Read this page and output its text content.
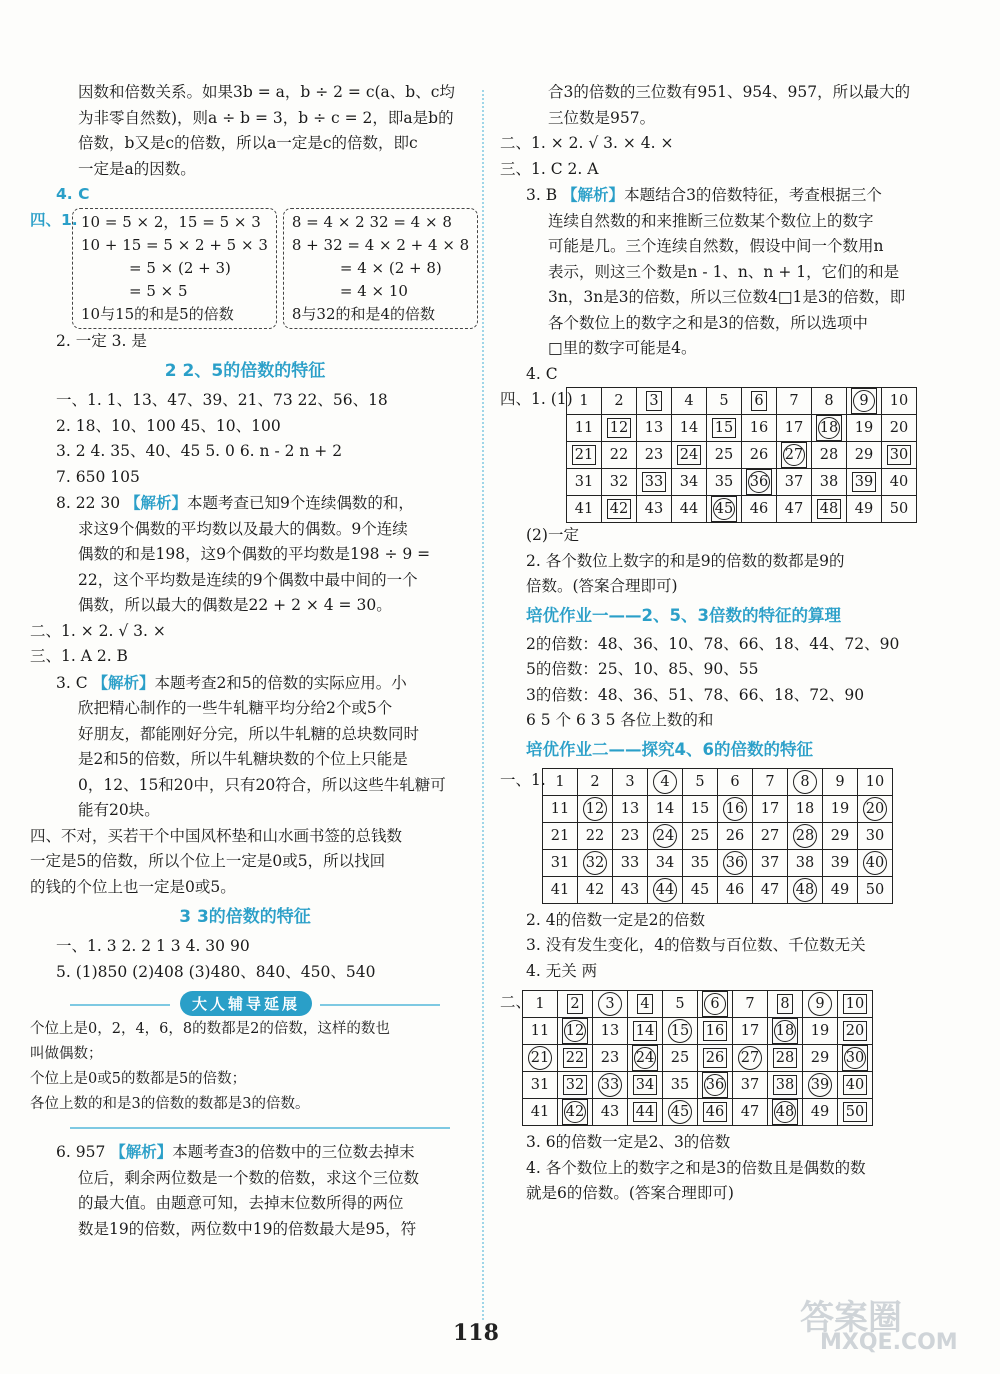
因数和倍数关系。如果3b = a，b ÷ 2 = c(a、b、c均

为非零自然数)，则a ÷ b = 3，b ÷ c = 2，即a是b的

倍数，b又是c的倍数，所以a一定是c的倍数，即c

一定是a的因数。

4. C

四、1. 10 = 5 × 2，15 = 5 × 3

10 + 15 = 5 × 2 + 5 × 3

= 5 × (2 + 3)

= 5 × 5

10与15的和是5的倍数

8 = 4 × 2 32 = 4 × 8

8 + 32 = 4 × 2 + 4 × 8

= 4 × (2 + 8)

= 4 × 10

8与32的和是4的倍数

2. 一定 3. 是

2 2、5的倍数的特征

一、1. 1、13、47、39、21、73 22、56、18

2. 18、10、100 45、10、100

3. 2 4. 35、40、45 5. 0 6. n - 2 n + 2

7. 650 105

8. 22 30 【解析】本题考查已知9个连续偶数的和，

求这9个偶数的平均数以及最大的偶数。9个连续

偶数的和是198，这9个偶数的平均数是198 ÷ 9 =

22，这个平均数是连续的9个偶数中最中间的一个

偶数，所以最大的偶数是22 + 2 × 4 = 30。

二、1. × 2. √ 3. ×

三、1. A 2. B

3. C 【解析】本题考查2和5的倍数的实际应用。小

欣把精心制作的一些牛轧糖平均分给2个或5个

好朋友，都能刚好分完，所以牛轧糖的总块数同时

是2和5的倍数，所以牛轧糖块数的个位上只能是

0，12、15和20中，只有20符合，所以这些牛轧糖可

能有20块。

四、不对，买若干个中国风杯垫和山水画书签的总钱数

一定是5的倍数，所以个位上一定是0或5，所以找回

的钱的个位上也一定是0或5。

3 3的倍数的特征

一、1. 3 2. 2 1 3 4. 30 90

5. (1)850 (2)408 (3)480、840、450、540

大人辅导延展

个位上是0，2，4，6，8的数都是2的倍数，这样的数也

叫做偶数；

个位上是0或5的数都是5的倍数；

各位上数的和是3的倍数的数都是3的倍数。

6. 957 【解析】本题考查3的倍数中的三位数去掉末

位后，剩余两位数是一个数的倍数，求这个三位数

的最大值。由题意可知，去掉末位数所得的两位

数是19的倍数，两位数中19的倍数最大是95，符

合3的倍数的三位数有951、954、957，所以最大的

三位数是957。

二、1. × 2. √ 3. × 4. ×

三、1. C 2. A

3. B 【解析】本题结合3的倍数特征，考查根据三个

连续自然数的和来推断三位数某个数位上的数字

可能是几。三个连续自然数，假设中间一个数用n

表示，则这三个数是n - 1、n、n + 1，它们的和是

3n，3n是3的倍数，所以三位数4□1是3的倍数，即

各个数位上的数字之和是3的倍数，所以选项中

□里的数字可能是4。

4. C

四、1. (1) 1	2	3	4	5	6	7	8	9	10
11	12	13	14	15	16	17	18	19	20
21	22	23	24	25	26	27	28	29	30
31	32	33	34	35	36	37	38	39	40
41	42	43	44	45	46	47	48	49	50

(2)一定

2. 各个数位上数字的和是9的倍数的数都是9的

倍数。(答案合理即可)

培优作业一——2、5、3倍数的特征的算理

2的倍数：48、36、10、78、66、18、44、72、90

5的倍数：25、10、85、90、55

3的倍数：48、36、51、78、66、18、72、90

6 5 个 6 3 5 各位上数的和

培优作业二——探究4、6的倍数的特征
一、1. 1	2	3	4	5	6	7	8	9	10
11	12	13	14	15	16	17	18	19	20
21	22	23	24	25	26	27	28	29	30
31	32	33	34	35	36	37	38	39	40
41	42	43	44	45	46	47	48	49	50

2. 4的倍数一定是2的倍数

3. 没有发生变化，4的倍数与百位数、千位数无关

4. 无关 两

二、 1	2	3	4	5	6	7	8	9	10
11	12	13	14	15	16	17	18	19	20
21	22	23	24	25	26	27	28	29	30
31	32	33	34	35	36	37	38	39	40
41	42	43	44	45	46	47	48	49	50

3. 6的倍数一定是2、3的倍数

4. 各个数位上的数字之和是3的倍数且是偶数的数

就是6的倍数。(答案合理即可)

118	答案圈
MXQE.COM
